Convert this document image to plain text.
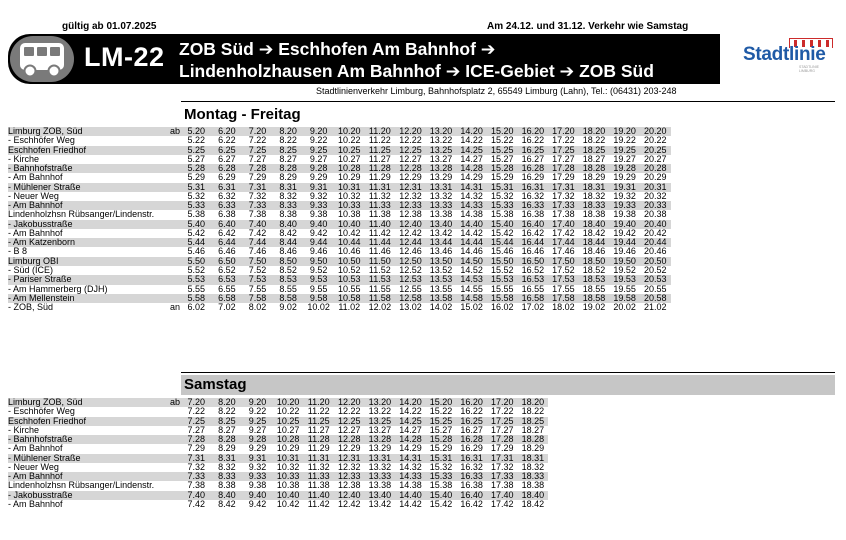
gültig ab 01.07.2025	Am 24.12. und 31.12. Verkehr wie Samstag
LM-22 ZOB Süd ➔ Eschhofen Am Bahnhof ➔
Lindenholzhausen Am Bahnhof ➔ ICE-Gebiet ➔ ZOB Süd
Stadtlinie
STADTLINIE LIMBURG
Stadtlinienverkehr Limburg, Bahnhofsplatz 2, 65549 Limburg (Lahn), Tel.: (06431) 203-248
Montag - Freitag
Limburg ZOB, Süd	ab	5.20	6.20	7.20	8.20	9.20	10.20	11.20	12.20	13.20	14.20	15.20	16.20	17.20	18.20	19.20	20.20
- Eschhöfer Weg		5.22	6.22	7.22	8.22	9.22	10.22	11.22	12.22	13.22	14.22	15.22	16.22	17.22	18.22	19.22	20.22
Eschhofen Friedhof		5.25	6.25	7.25	8.25	9.25	10.25	11.25	12.25	13.25	14.25	15.25	16.25	17.25	18.25	19.25	20.25
- Kirche		5.27	6.27	7.27	8.27	9.27	10.27	11.27	12.27	13.27	14.27	15.27	16.27	17.27	18.27	19.27	20.27
- Bahnhofstraße		5.28	6.28	7.28	8.28	9.28	10.28	11.28	12.28	13.28	14.28	15.28	16.28	17.28	18.28	19.28	20.28
- Am Bahnhof		5.29	6.29	7.29	8.29	9.29	10.29	11.29	12.29	13.29	14.29	15.29	16.29	17.29	18.29	19.29	20.29
- Mühlener Straße		5.31	6.31	7.31	8.31	9.31	10.31	11.31	12.31	13.31	14.31	15.31	16.31	17.31	18.31	19.31	20.31
- Neuer Weg		5.32	6.32	7.32	8.32	9.32	10.32	11.32	12.32	13.32	14.32	15.32	16.32	17.32	18.32	19.32	20.32
- Am Bahnhof		5.33	6.33	7.33	8.33	9.33	10.33	11.33	12.33	13.33	14.33	15.33	16.33	17.33	18.33	19.33	20.33
Lindenholzhsn Rübsanger/Lindenstr.		5.38	6.38	7.38	8.38	9.38	10.38	11.38	12.38	13.38	14.38	15.38	16.38	17.38	18.38	19.38	20.38
- Jakobusstraße		5.40	6.40	7.40	8.40	9.40	10.40	11.40	12.40	13.40	14.40	15.40	16.40	17.40	18.40	19.40	20.40
- Am Bahnhof		5.42	6.42	7.42	8.42	9.42	10.42	11.42	12.42	13.42	14.42	15.42	16.42	17.42	18.42	19.42	20.42
- Am Katzenborn		5.44	6.44	7.44	8.44	9.44	10.44	11.44	12.44	13.44	14.44	15.44	16.44	17.44	18.44	19.44	20.44
- B 8		5.46	6.46	7.46	8.46	9.46	10.46	11.46	12.46	13.46	14.46	15.46	16.46	17.46	18.46	19.46	20.46
Limburg OBI		5.50	6.50	7.50	8.50	9.50	10.50	11.50	12.50	13.50	14.50	15.50	16.50	17.50	18.50	19.50	20.50
- Süd (ICE)		5.52	6.52	7.52	8.52	9.52	10.52	11.52	12.52	13.52	14.52	15.52	16.52	17.52	18.52	19.52	20.52
- Pariser Straße		5.53	6.53	7.53	8.53	9.53	10.53	11.53	12.53	13.53	14.53	15.53	16.53	17.53	18.53	19.53	20.53
- Am Hammerberg (DJH)		5.55	6.55	7.55	8.55	9.55	10.55	11.55	12.55	13.55	14.55	15.55	16.55	17.55	18.55	19.55	20.55
- Am Mellenstein		5.58	6.58	7.58	8.58	9.58	10.58	11.58	12.58	13.58	14.58	15.58	16.58	17.58	18.58	19.58	20.58
- ZOB, Süd	an	6.02	7.02	8.02	9.02	10.02	11.02	12.02	13.02	14.02	15.02	16.02	17.02	18.02	19.02	20.02	21.02
Samstag
Limburg ZOB, Süd	ab	7.20	8.20	9.20	10.20	11.20	12.20	13.20	14.20	15.20	16.20	17.20	18.20
- Eschhöfer Weg		7.22	8.22	9.22	10.22	11.22	12.22	13.22	14.22	15.22	16.22	17.22	18.22
Eschhofen Friedhof		7.25	8.25	9.25	10.25	11.25	12.25	13.25	14.25	15.25	16.25	17.25	18.25
- Kirche		7.27	8.27	9.27	10.27	11.27	12.27	13.27	14.27	15.27	16.27	17.27	18.27
- Bahnhofstraße		7.28	8.28	9.28	10.28	11.28	12.28	13.28	14.28	15.28	16.28	17.28	18.28
- Am Bahnhof		7.29	8.29	9.29	10.29	11.29	12.29	13.29	14.29	15.29	16.29	17.29	18.29
- Mühlener Straße		7.31	8.31	9.31	10.31	11.31	12.31	13.31	14.31	15.31	16.31	17.31	18.31
- Neuer Weg		7.32	8.32	9.32	10.32	11.32	12.32	13.32	14.32	15.32	16.32	17.32	18.32
- Am Bahnhof		7.33	8.33	9.33	10.33	11.33	12.33	13.33	14.33	15.33	16.33	17.33	18.33
Lindenholzhsn Rübsanger/Lindenstr.		7.38	8.38	9.38	10.38	11.38	12.38	13.38	14.38	15.38	16.38	17.38	18.38
- Jakobusstraße		7.40	8.40	9.40	10.40	11.40	12.40	13.40	14.40	15.40	16.40	17.40	18.40
- Am Bahnhof		7.42	8.42	9.42	10.42	11.42	12.42	13.42	14.42	15.42	16.42	17.42	18.42
